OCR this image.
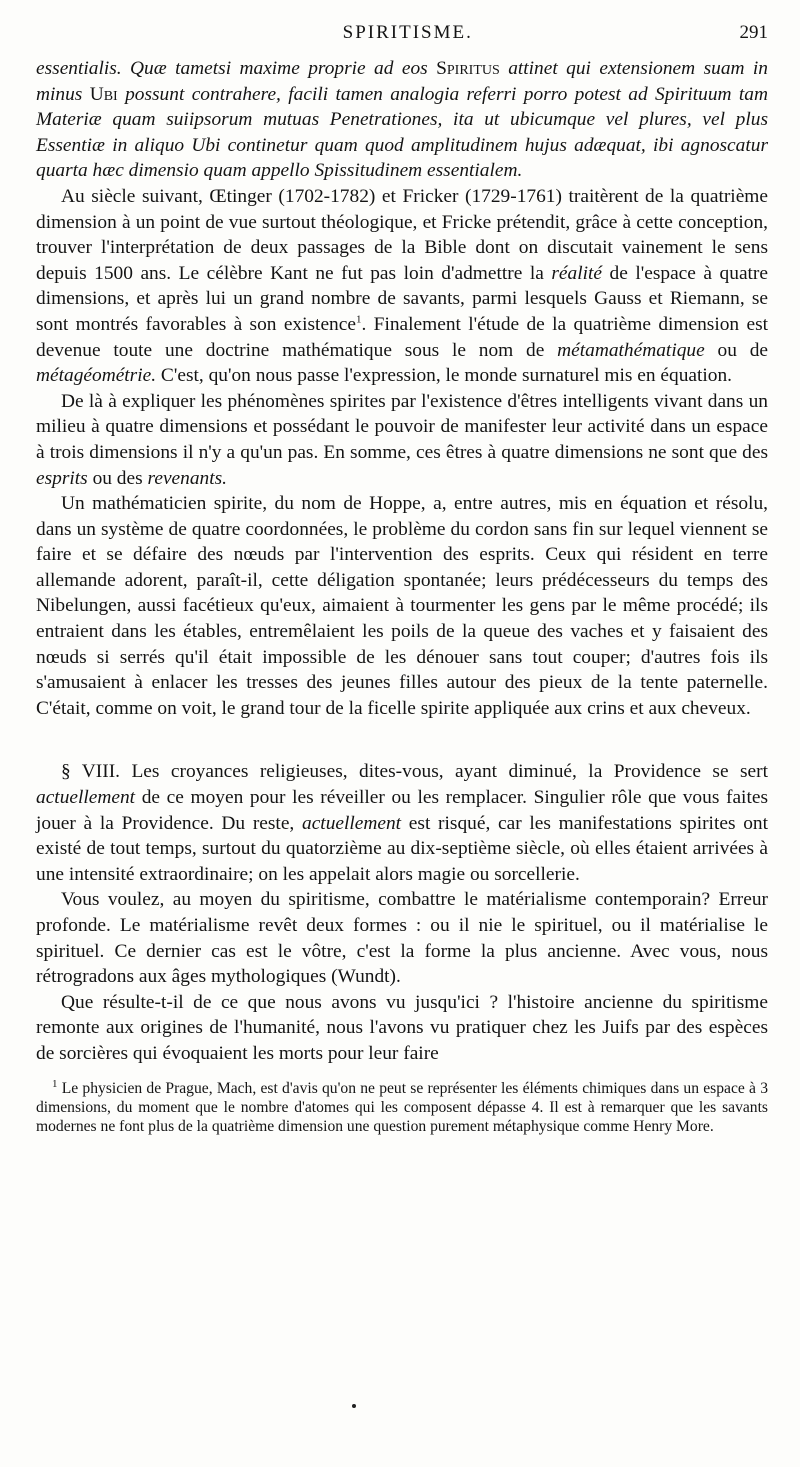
SPIRITISME.	291

essentialis. Quæ tametsi maxime proprie ad eos Spiritus attinet qui extensionem suam in minus Ubi possunt contrahere, facili tamen analogia referri porro potest ad Spirituum tam Materiæ quam suiipsorum mutuas Penetrationes, ita ut ubicumque vel plures, vel plus Essentiæ in aliquo Ubi continetur quam quod amplitudinem hujus adæquat, ibi agnoscatur quarta hæc dimensio quam appello Spissitudinem essentialem.

Au siècle suivant, Œtinger (1702-1782) et Fricker (1729-1761) traitèrent de la quatrième dimension à un point de vue surtout théologique, et Fricke prétendit, grâce à cette conception, trouver l'interprétation de deux passages de la Bible dont on discutait vainement le sens depuis 1500 ans. Le célèbre Kant ne fut pas loin d'admettre la réalité de l'espace à quatre dimensions, et après lui un grand nombre de savants, parmi lesquels Gauss et Riemann, se sont montrés favorables à son existence$^1$. Finalement l'étude de la quatrième dimension est devenue toute une doctrine mathématique sous le nom de métamathématique ou de métagéométrie. C'est, qu'on nous passe l'expression, le monde surnaturel mis en équation.

De là à expliquer les phénomènes spirites par l'existence d'êtres intelligents vivant dans un milieu à quatre dimensions et possédant le pouvoir de manifester leur activité dans un espace à trois dimensions il n'y a qu'un pas. En somme, ces êtres à quatre dimensions ne sont que des esprits ou des revenants.

Un mathématicien spirite, du nom de Hoppe, a, entre autres, mis en équation et résolu, dans un système de quatre coordonnées, le problème du cordon sans fin sur lequel viennent se faire et se défaire des nœuds par l'intervention des esprits. Ceux qui résident en terre allemande adorent, paraît-il, cette déligation spontanée; leurs prédécesseurs du temps des Nibelungen, aussi facétieux qu'eux, aimaient à tourmenter les gens par le même procédé; ils entraient dans les étables, entremêlaient les poils de la queue des vaches et y faisaient des nœuds si serrés qu'il était impossible de les dénouer sans tout couper; d'autres fois ils s'amusaient à enlacer les tresses des jeunes filles autour des pieux de la tente paternelle. C'était, comme on voit, le grand tour de la ficelle spirite appliquée aux crins et aux cheveux.

§ VIII. Les croyances religieuses, dites-vous, ayant diminué, la Providence se sert actuellement de ce moyen pour les réveiller ou les remplacer. Singulier rôle que vous faites jouer à la Providence. Du reste, actuellement est risqué, car les manifestations spirites ont existé de tout temps, surtout du quatorzième au dix-septième siècle, où elles étaient arrivées à une intensité extraordinaire; on les appelait alors magie ou sorcellerie.

Vous voulez, au moyen du spiritisme, combattre le matérialisme contemporain? Erreur profonde. Le matérialisme revêt deux formes : ou il nie le spirituel, ou il matérialise le spirituel. Ce dernier cas est le vôtre, c'est la forme la plus ancienne. Avec vous, nous rétrogradons aux âges mythologiques (Wundt).

Que résulte-t-il de ce que nous avons vu jusqu'ici ? l'histoire ancienne du spiritisme remonte aux origines de l'humanité, nous l'avons vu pratiquer chez les Juifs par des espèces de sorcières qui évoquaient les morts pour leur faire

$^1$ Le physicien de Prague, Mach, est d'avis qu'on ne peut se représenter les éléments chimiques dans un espace à 3 dimensions, du moment que le nombre d'atomes qui les composent dépasse 4. Il est à remarquer que les savants modernes ne font plus de la quatrième dimension une question purement métaphysique comme Henry More.
